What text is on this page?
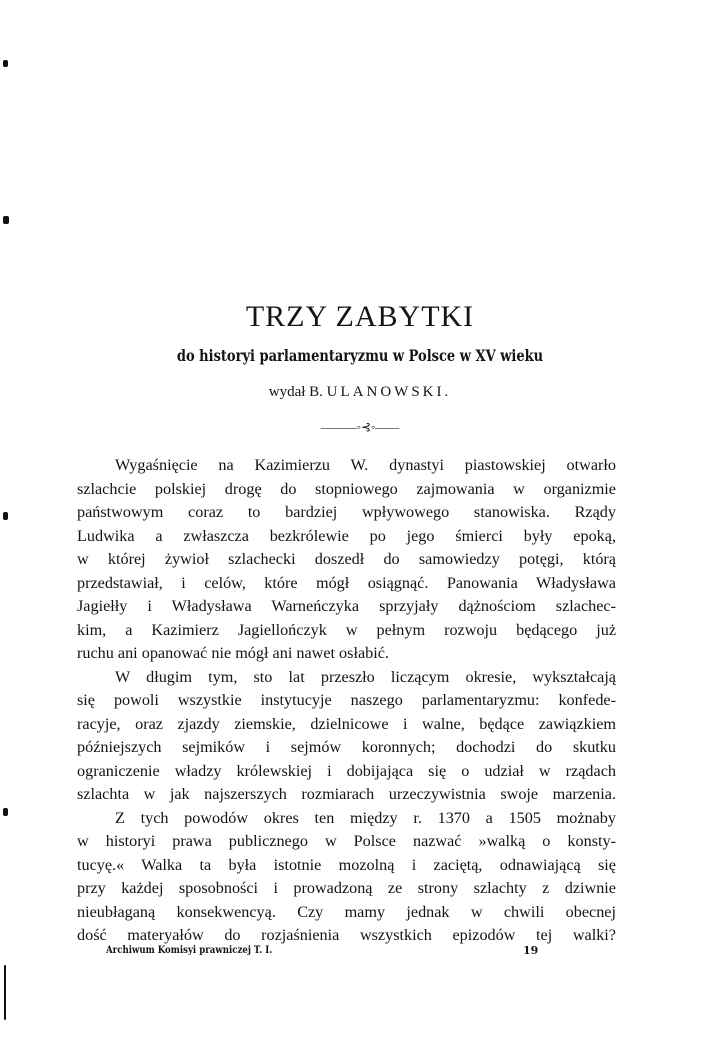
TRZY ZABYTKI
do historyi parlamentaryzmu w Polsce w XV wieku
wydał B. ULANOWSKI.
———◦⊰◦——
Wygaśnięcie na Kazimierzu W. dynastyi piastowskiej otwarło
szlachcie polskiej drogę do stopniowego zajmowania w organizmie
państwowym coraz to bardziej wpływowego stanowiska. Rządy
Ludwika a zwłaszcza bezkrólewie po jego śmierci były epoką,
w której żywioł szlachecki doszedł do samowiedzy potęgi, którą
przedstawiał, i celów, które mógł osiągnąć. Panowania Władysława
Jagiełły i Władysława Warneńczyka sprzyjały dążnościom szlachec-
kim, a Kazimierz Jagiellończyk w pełnym rozwoju będącego już
ruchu ani opanować nie mógł ani nawet osłabić.
W długim tym, sto lat przeszło liczącym okresie, wykształcają
się powoli wszystkie instytucyje naszego parlamentaryzmu: konfede-
racyje, oraz zjazdy ziemskie, dzielnicowe i walne, będące zawiązkiem
późniejszych sejmików i sejmów koronnych; dochodzi do skutku
ograniczenie władzy królewskiej i dobijająca się o udział w rządach
szlachta w jak najszerszych rozmiarach urzeczywistnia swoje marzenia.
Z tych powodów okres ten między r. 1370 a 1505 możnaby
w historyi prawa publicznego w Polsce nazwać »walką o konsty-
tucyę.« Walka ta była istotnie mozolną i zaciętą, odnawiającą się
przy każdej sposobności i prowadzoną ze strony szlachty z dziwnie
nieubłaganą konsekwencyą. Czy mamy jednak w chwili obecnej
dość materyałów do rozjaśnienia wszystkich epizodów tej walki?
Archiwum Komisyi prawniczej T. I.	19
